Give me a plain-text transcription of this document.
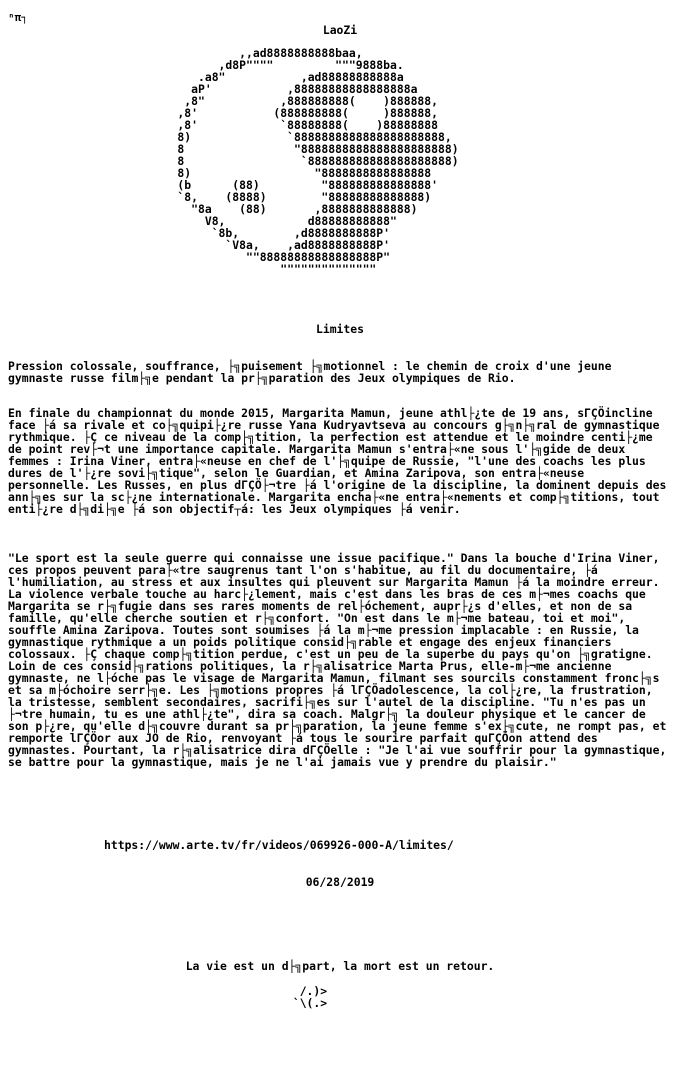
ⁿπ┐
LaoZi
,,ad8888888888baa,
,d8P""""         """9888ba.
.a8"           ,ad88888888888a
aP'           ,88888888888888888a
,8"           ,888888888(    )888888,
,8'           (888888888(     )888888,
,8'            `88888888(    )88888888
8)              `8888888888888888888888,
8                "8888888888888888888888)
8                 `888888888888888888888)
8)                  "8888888888888888
(b      (88)         "888888888888888'
`8,    (8888)        "88888888888888)
"8a    (88)       ,8888888888888)
V8,            d88888888888"
`8b,        ,d8888888888P'
`V8a,    ,ad8888888888P'
""88888888888888888P"
""""""""""""""
Limites

Pression colossale, souffrance, ├╗puisement ├╗motionnel : le chemin de croix d'une jeune gymnaste russe film├╗e pendant la pr├╗paration des Jeux olympiques de Rio.

En finale du championnat du monde 2015, Margarita Mamun, jeune athl├¿te de 19 ans, sΓÇÖincline face ├á sa rivale et co├╗quipi├¿re russe Yana Kudryavtseva au concours g├╗n├╗ral de gymnastique rythmique. ├Ç ce niveau de la comp├╗tition, la perfection est attendue et le moindre centi├¿me de point rev├¬t une importance capitale. Margarita Mamun s'entra├«ne sous l'├╗gide de deux femmes : Irina Viner, entra├«neuse en chef de l'├╗quipe de Russie, "l'une des coachs les plus dures de l'├¿re sovi├╗tique", selon le Guardian, et Amina Zaripova, son entra├«neuse personnelle. Les Russes, en plus dΓÇÖ├¬tre ├á l'origine de la discipline, la dominent depuis des ann├╗es sur la sc├¿ne internationale. Margarita encha├«ne entra├«nements et comp├╗titions, tout enti├¿re d├╗di├╗e ├á son objectif┬á: les Jeux olympiques ├á venir.

"Le sport est la seule guerre qui connaisse une issue pacifique." Dans la bouche d'Irina Viner, ces propos peuvent para├«tre saugrenus tant l'on s'habitue, au fil du documentaire, ├á l'humiliation, au stress et aux insultes qui pleuvent sur Margarita Mamun ├á la moindre erreur. La violence verbale touche au harc├¿lement, mais c'est dans les bras de ces m├¬mes coachs que Margarita se r├╗fugie dans ses rares moments de rel├óchement, aupr├¿s d'elles, et non de sa famille, qu'elle cherche soutien et r├╗confort. "On est dans le m├¬me bateau, toi et moi", souffle Amina Zaripova. Toutes sont soumises ├á la m├¬me pression implacable : en Russie, la gymnastique rythmique a un poids politique consid├╗rable et engage des enjeux financiers colossaux. ├Ç chaque comp├╗tition perdue, c'est un peu de la superbe du pays qu'on ├╗gratigne. Loin de ces consid├╗rations politiques, la r├╗alisatrice Marta Prus, elle-m├¬me ancienne gymnaste, ne l├óche pas le visage de Margarita Mamun, filmant ses sourcils constamment fronc├╗s et sa m├óchoire serr├╗e. Les ├╗motions propres ├á lΓÇÖadolescence, la col├¿re, la frustration, la tristesse, semblent secondaires, sacrifi├╗es sur l'autel de la discipline. "Tu n'es pas un ├¬tre humain, tu es une athl├¿te", dira sa coach. Malgr├╗ la douleur physique et le cancer de son p├¿re, qu'elle d├╗couvre durant sa pr├╗paration, la jeune femme s'ex├╗cute, ne rompt pas, et remporte lΓÇÖor aux JO de Rio, renvoyant ├á tous le sourire parfait quΓÇÖon attend des gymnastes. Pourtant, la r├╗alisatrice dira dΓÇÖelle : "Je l'ai vue souffrir pour la gymnastique, se battre pour la gymnastique, mais je ne l'ai jamais vue y prendre du plaisir."

https://www.arte.tv/fr/videos/069926-000-A/limites/
06/28/2019
La vie est un d├╗part, la mort est un retour.
/.)>
`\(.>
